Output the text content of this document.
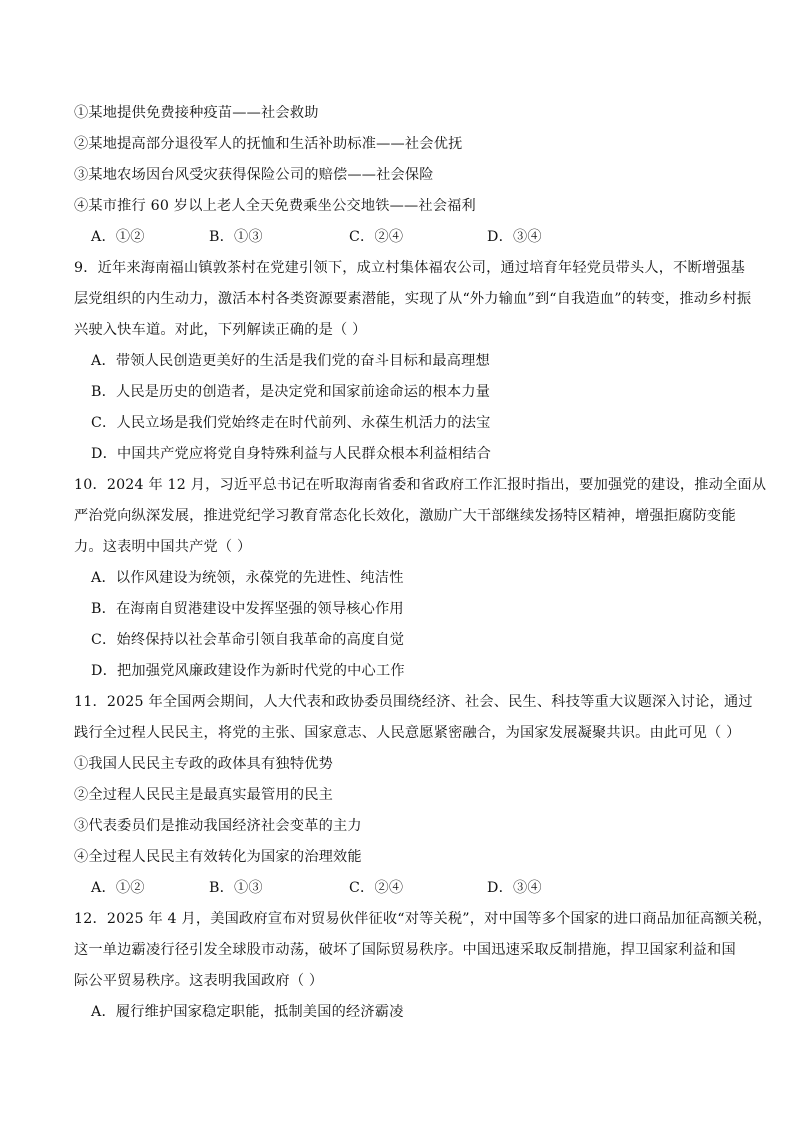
①某地提供免费接种疫苗——社会救助
②某地提高部分退役军人的抚恤和生活补助标准——社会优抚
③某地农场因台风受灾获得保险公司的赔偿——社会保险
④某市推行 60 岁以上老人全天免费乘坐公交地铁——社会福利
A．①②	B．①③	C．②④	D．③④
9．近年来海南福山镇敦茶村在党建引领下，成立村集体福农公司，通过培育年轻党员带头人，不断增强基
层党组织的内生动力，激活本村各类资源要素潜能，实现了从“外力输血”到“自我造血”的转变，推动乡村振
兴驶入快车道。对此，下列解读正确的是（ ）
A．带领人民创造更美好的生活是我们党的奋斗目标和最高理想
B．人民是历史的创造者，是决定党和国家前途命运的根本力量
C．人民立场是我们党始终走在时代前列、永葆生机活力的法宝
D．中国共产党应将党自身特殊利益与人民群众根本利益相结合
10．2024 年 12 月，习近平总书记在听取海南省委和省政府工作汇报时指出，要加强党的建设，推动全面从
严治党向纵深发展，推进党纪学习教育常态化长效化，激励广大干部继续发扬特区精神，增强拒腐防变能
力。这表明中国共产党（ ）
A．以作风建设为统领，永葆党的先进性、纯洁性
B．在海南自贸港建设中发挥坚强的领导核心作用
C．始终保持以社会革命引领自我革命的高度自觉
D．把加强党风廉政建设作为新时代党的中心工作
11．2025 年全国两会期间，人大代表和政协委员围绕经济、社会、民生、科技等重大议题深入讨论，通过
践行全过程人民民主，将党的主张、国家意志、人民意愿紧密融合，为国家发展凝聚共识。由此可见（ ）
①我国人民民主专政的政体具有独特优势
②全过程人民民主是最真实最管用的民主
③代表委员们是推动我国经济社会变革的主力
④全过程人民民主有效转化为国家的治理效能
A．①②	B．①③	C．②④	D．③④
12．2025 年 4 月，美国政府宣布对贸易伙伴征收“对等关税”，对中国等多个国家的进口商品加征高额关税，
这一单边霸凌行径引发全球股市动荡，破坏了国际贸易秩序。中国迅速采取反制措施，捍卫国家利益和国
际公平贸易秩序。这表明我国政府（ ）
A．履行维护国家稳定职能，抵制美国的经济霸凌
